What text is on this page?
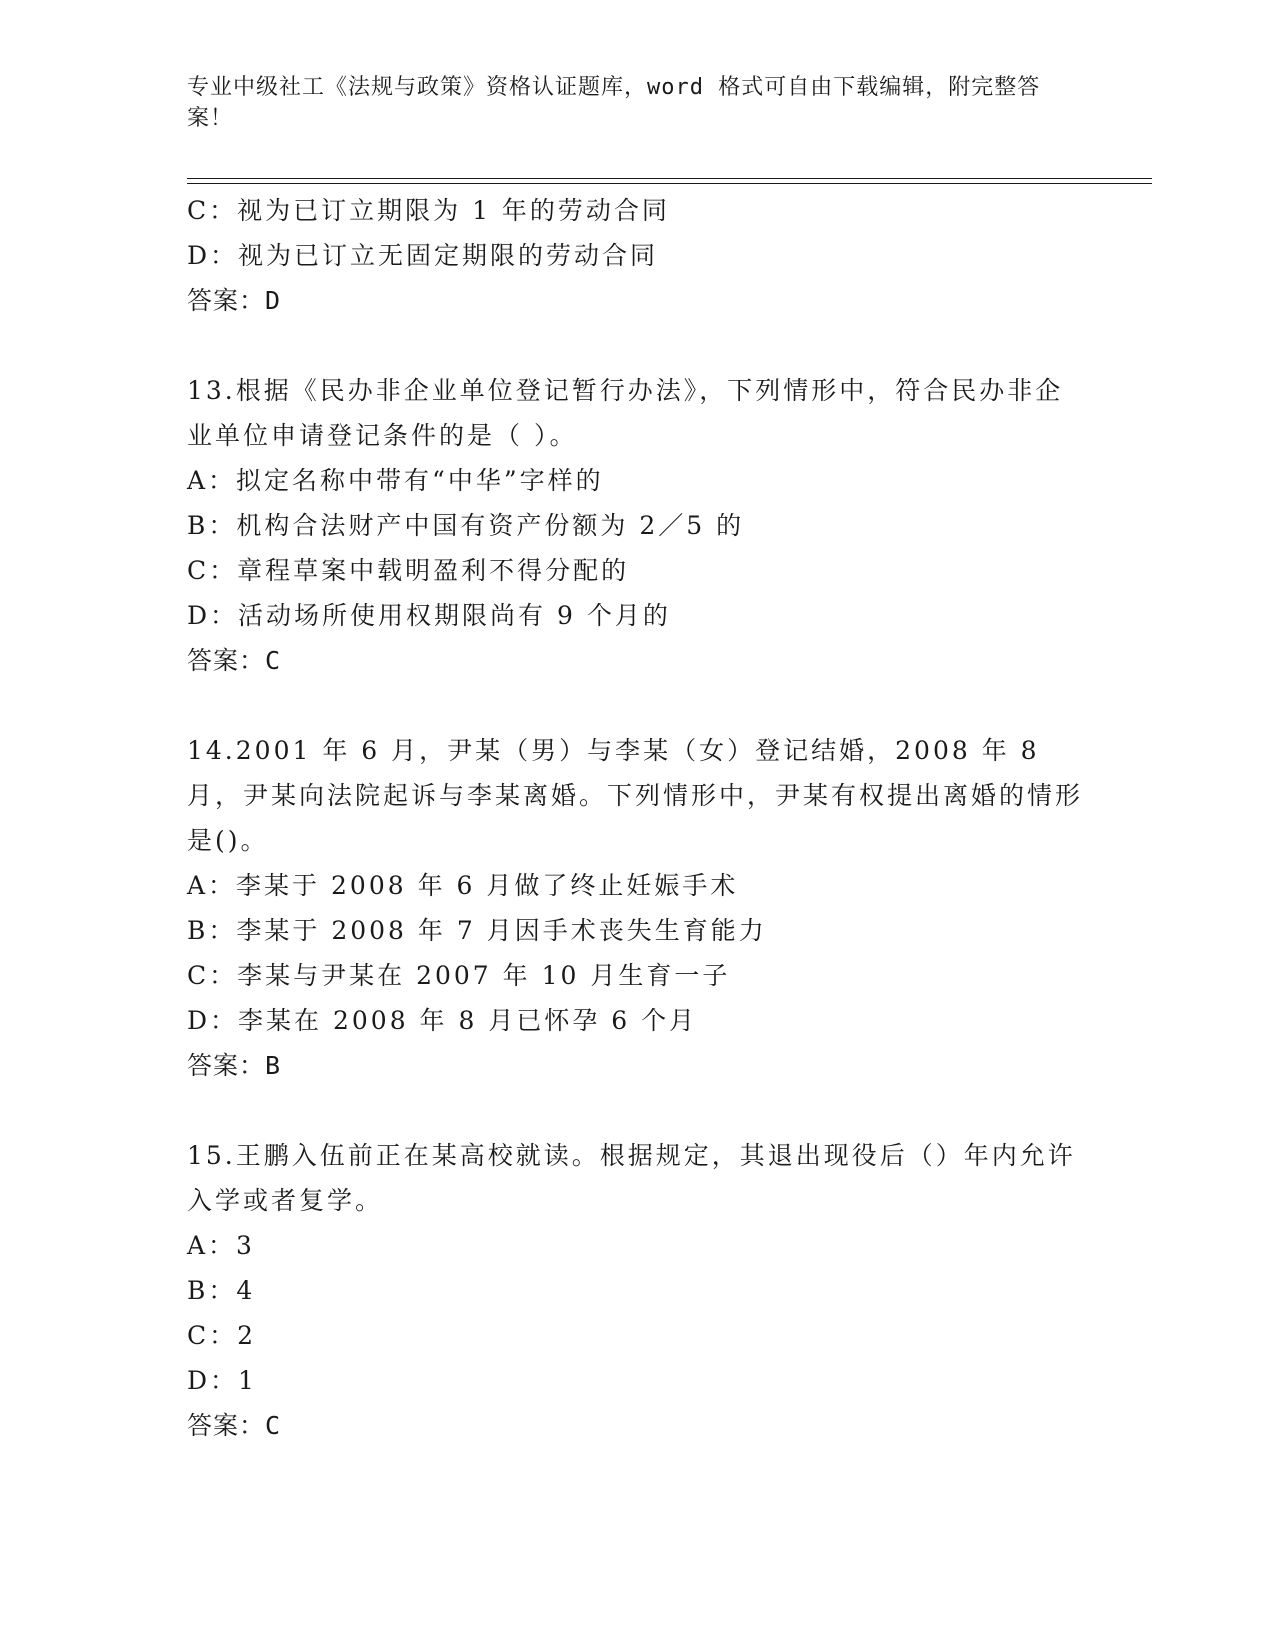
专业中级社工《法规与政策》资格认证题库，word 格式可自由下载编辑，附完整答案！
C：视为已订立期限为 1 年的劳动合同
D：视为已订立无固定期限的劳动合同
答案：D
13.根据《民办非企业单位登记暂行办法》，下列情形中，符合民办非企业单位申请登记条件的是（ ）。
A：拟定名称中带有“中华”字样的
B：机构合法财产中国有资产份额为 2／5 的
C：章程草案中载明盈利不得分配的
D：活动场所使用权期限尚有 9 个月的
答案：C
14.2001 年 6 月，尹某（男）与李某（女）登记结婚，2008 年 8 月，尹某向法院起诉与李某离婚。下列情形中，尹某有权提出离婚的情形是()。
A：李某于 2008 年 6 月做了终止妊娠手术
B：李某于 2008 年 7 月因手术丧失生育能力
C：李某与尹某在 2007 年 10 月生育一子
D：李某在 2008 年 8 月已怀孕 6 个月
答案：B
15.王鹏入伍前正在某高校就读。根据规定，其退出现役后（）年内允许入学或者复学。
A：3
B：4
C：2
D：1
答案：C
